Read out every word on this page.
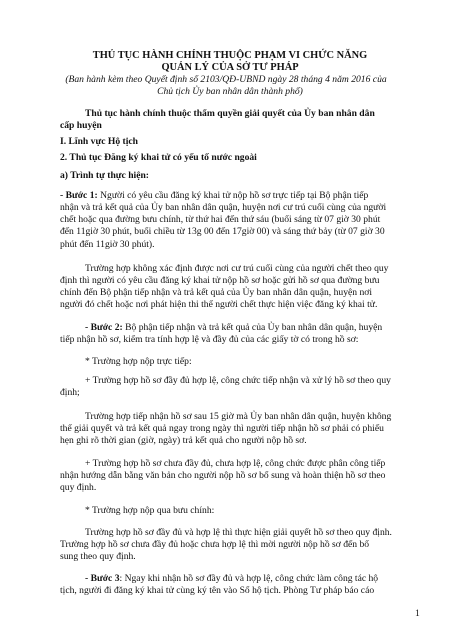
THỦ TỤC HÀNH CHÍNH THUỘC PHẠM VI CHỨC NĂNG
QUẢN LÝ CỦA SỞ TƯ PHÁP
(Ban hành kèm theo Quyết định số 2103/QĐ-UBND ngày 28 tháng 4 năm 2016 của
Chủ tịch Ủy ban nhân dân thành phố)
Thủ tục hành chính thuộc thẩm quyền giải quyết của Ủy ban nhân dân
cấp huyện
I. Lĩnh vực Hộ tịch
2. Thủ tục Đăng ký khai tử có yếu tố nước ngoài
a) Trình tự thực hiện:
- Bước 1: Người có yêu cầu đăng ký khai tử nộp hồ sơ trực tiếp tại Bộ phận tiếp
nhận và trả kết quả của Ủy ban nhân dân quận, huyện nơi cư trú cuối cùng của người
chết hoặc qua đường bưu chính, từ thứ hai đến thứ sáu (buổi sáng từ 07 giờ 30 phút
đến 11giờ 30 phút, buổi chiều từ 13g 00 đến 17giờ 00) và sáng thứ bảy (từ 07 giờ 30
phút đến 11giờ 30 phút).
Trường hợp không xác định được nơi cư trú cuối cùng của người chết theo quy
định thì người có yêu cầu đăng ký khai tử nộp hồ sơ hoặc gửi hồ sơ qua đường bưu
chính đến Bộ phận tiếp nhận và trả kết quả của Ủy ban nhân dân quận, huyện nơi
người đó chết hoặc nơi phát hiện thi thể người chết thực hiện việc đăng ký khai tử.
- Bước 2: Bộ phận tiếp nhận và trả kết quả của Ủy ban nhân dân quận, huyện
tiếp nhận hồ sơ, kiểm tra tính hợp lệ và đầy đủ của các giấy tờ có trong hồ sơ:
* Trường hợp nộp trực tiếp:
+ Trường hợp hồ sơ đầy đủ hợp lệ, công chức tiếp nhận và xử lý hồ sơ theo quy
định;
Trường hợp tiếp nhận hồ sơ sau 15 giờ mà Ủy ban nhân dân quận, huyện không
thể giải quyết và trả kết quả ngay trong ngày thì người tiếp nhận hồ sơ phải có phiếu
hẹn ghi rõ thời gian (giờ, ngày) trả kết quả cho người nộp hồ sơ.
+ Trường hợp hồ sơ chưa đầy đủ, chưa hợp lệ, công chức được phân công tiếp
nhận hướng dẫn bằng văn bản cho người nộp hồ sơ bổ sung và hoàn thiện hồ sơ theo
quy định.
* Trường hợp nộp qua bưu chính:
Trường hợp hồ sơ đầy đủ và hợp lệ thì thực hiện giải quyết hồ sơ theo quy định.
Trường hợp hồ sơ chưa đầy đủ hoặc chưa hợp lệ thì mời người nộp hồ sơ đến bổ
sung theo quy định.
- Bước 3: Ngay khi nhận hồ sơ đầy đủ và hợp lệ, công chức làm công tác hộ
tịch, người đi đăng ký khai tử cùng ký tên vào Sổ hộ tịch. Phòng Tư pháp báo cáo
1
